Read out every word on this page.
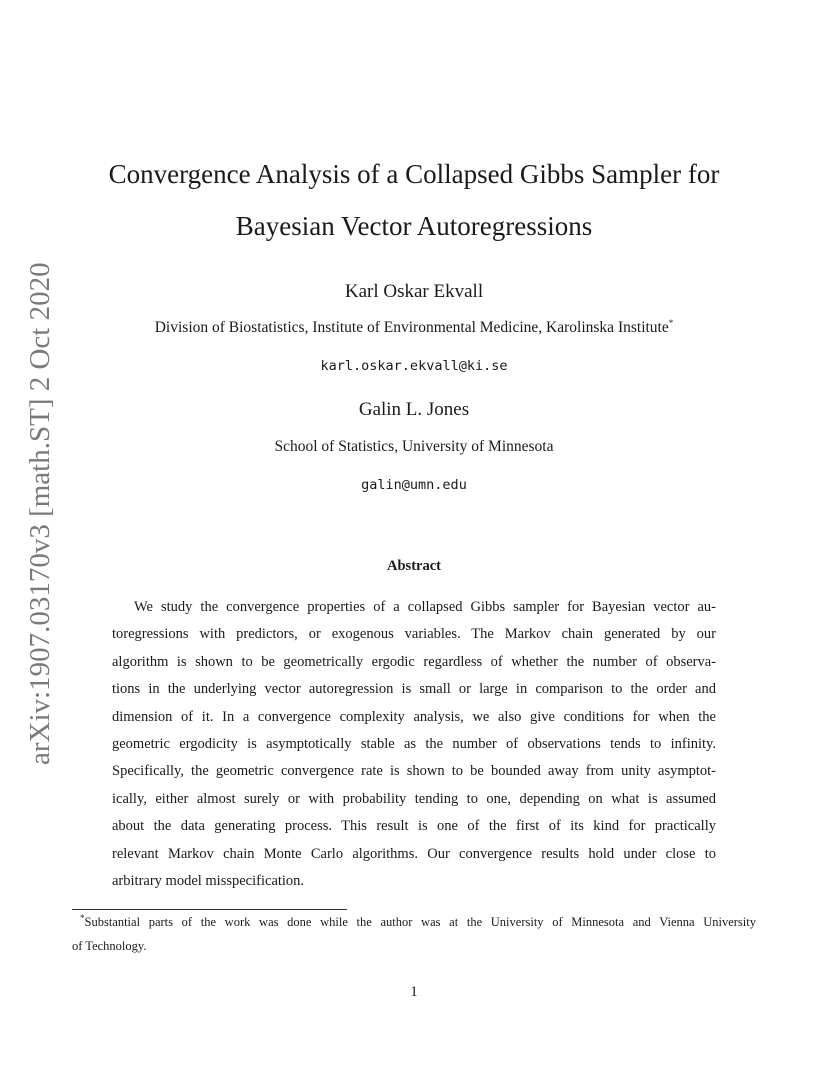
arXiv:1907.03170v3 [math.ST] 2 Oct 2020
Convergence Analysis of a Collapsed Gibbs Sampler for
Bayesian Vector Autoregressions
Karl Oskar Ekvall
Division of Biostatistics, Institute of Environmental Medicine, Karolinska Institute*
karl.oskar.ekvall@ki.se
Galin L. Jones
School of Statistics, University of Minnesota
galin@umn.edu
Abstract
We study the convergence properties of a collapsed Gibbs sampler for Bayesian vector au-
toregressions with predictors, or exogenous variables. The Markov chain generated by our
algorithm is shown to be geometrically ergodic regardless of whether the number of observa-
tions in the underlying vector autoregression is small or large in comparison to the order and
dimension of it. In a convergence complexity analysis, we also give conditions for when the
geometric ergodicity is asymptotically stable as the number of observations tends to infinity.
Specifically, the geometric convergence rate is shown to be bounded away from unity asymptot-
ically, either almost surely or with probability tending to one, depending on what is assumed
about the data generating process. This result is one of the first of its kind for practically
relevant Markov chain Monte Carlo algorithms. Our convergence results hold under close to
arbitrary model misspecification.
*Substantial parts of the work was done while the author was at the University of Minnesota and Vienna University
of Technology.
1
